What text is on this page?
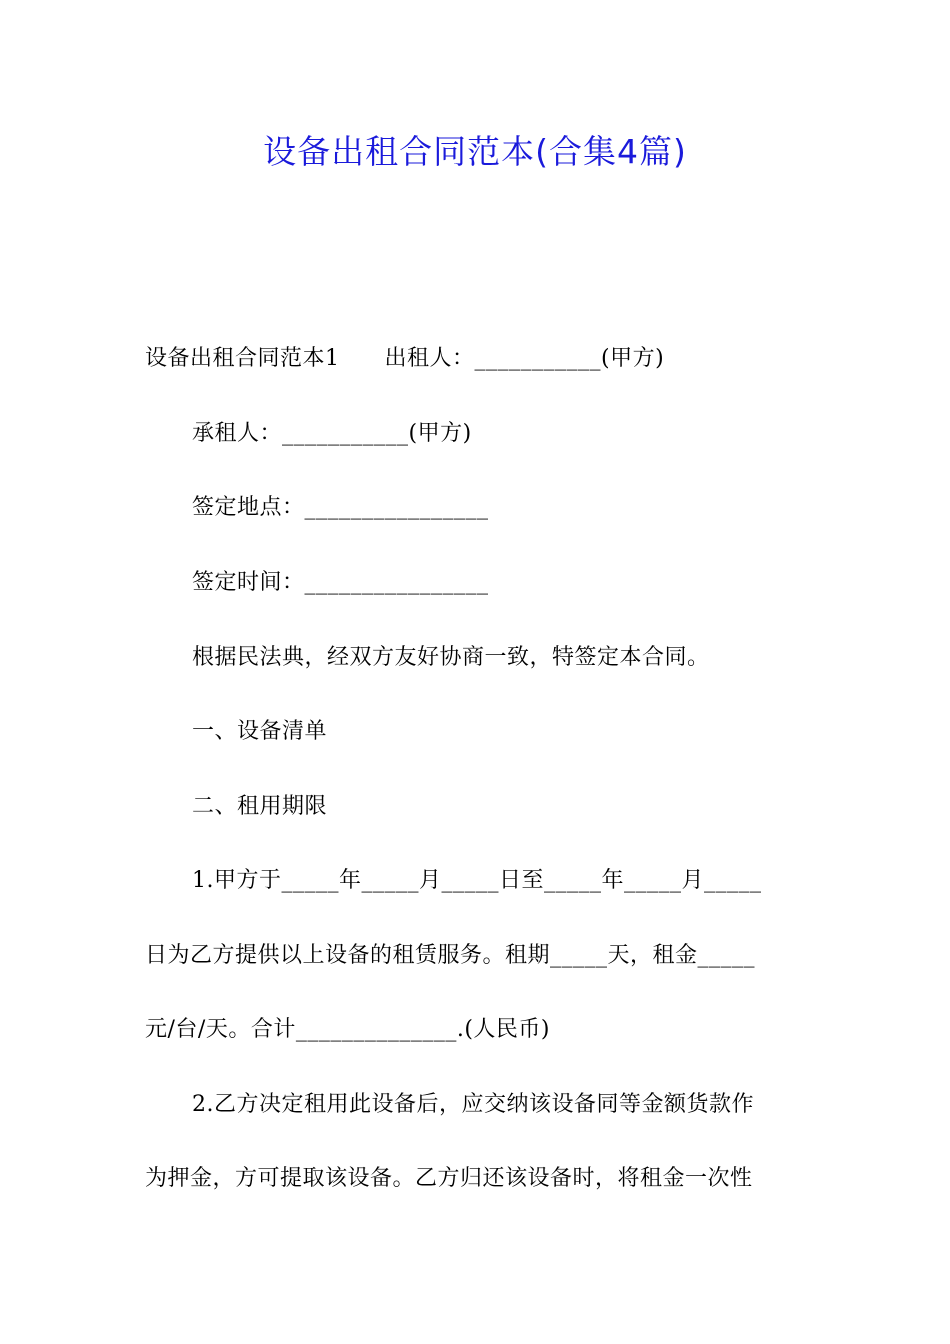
设备出租合同范本(合集4篇)
设备出租合同范本1　　出租人：___________(甲方)
承租人：___________(甲方)
签定地点：________________
签定时间：________________
根据民法典，经双方友好协商一致，特签定本合同。
一、设备清单
二、租用期限
1.甲方于_____年_____月_____日至_____年_____月_____
日为乙方提供以上设备的租赁服务。租期_____天，租金_____
元/台/天。合计______________.(人民币)
2.乙方决定租用此设备后，应交纳该设备同等金额货款作
为押金，方可提取该设备。乙方归还该设备时，将租金一次性
